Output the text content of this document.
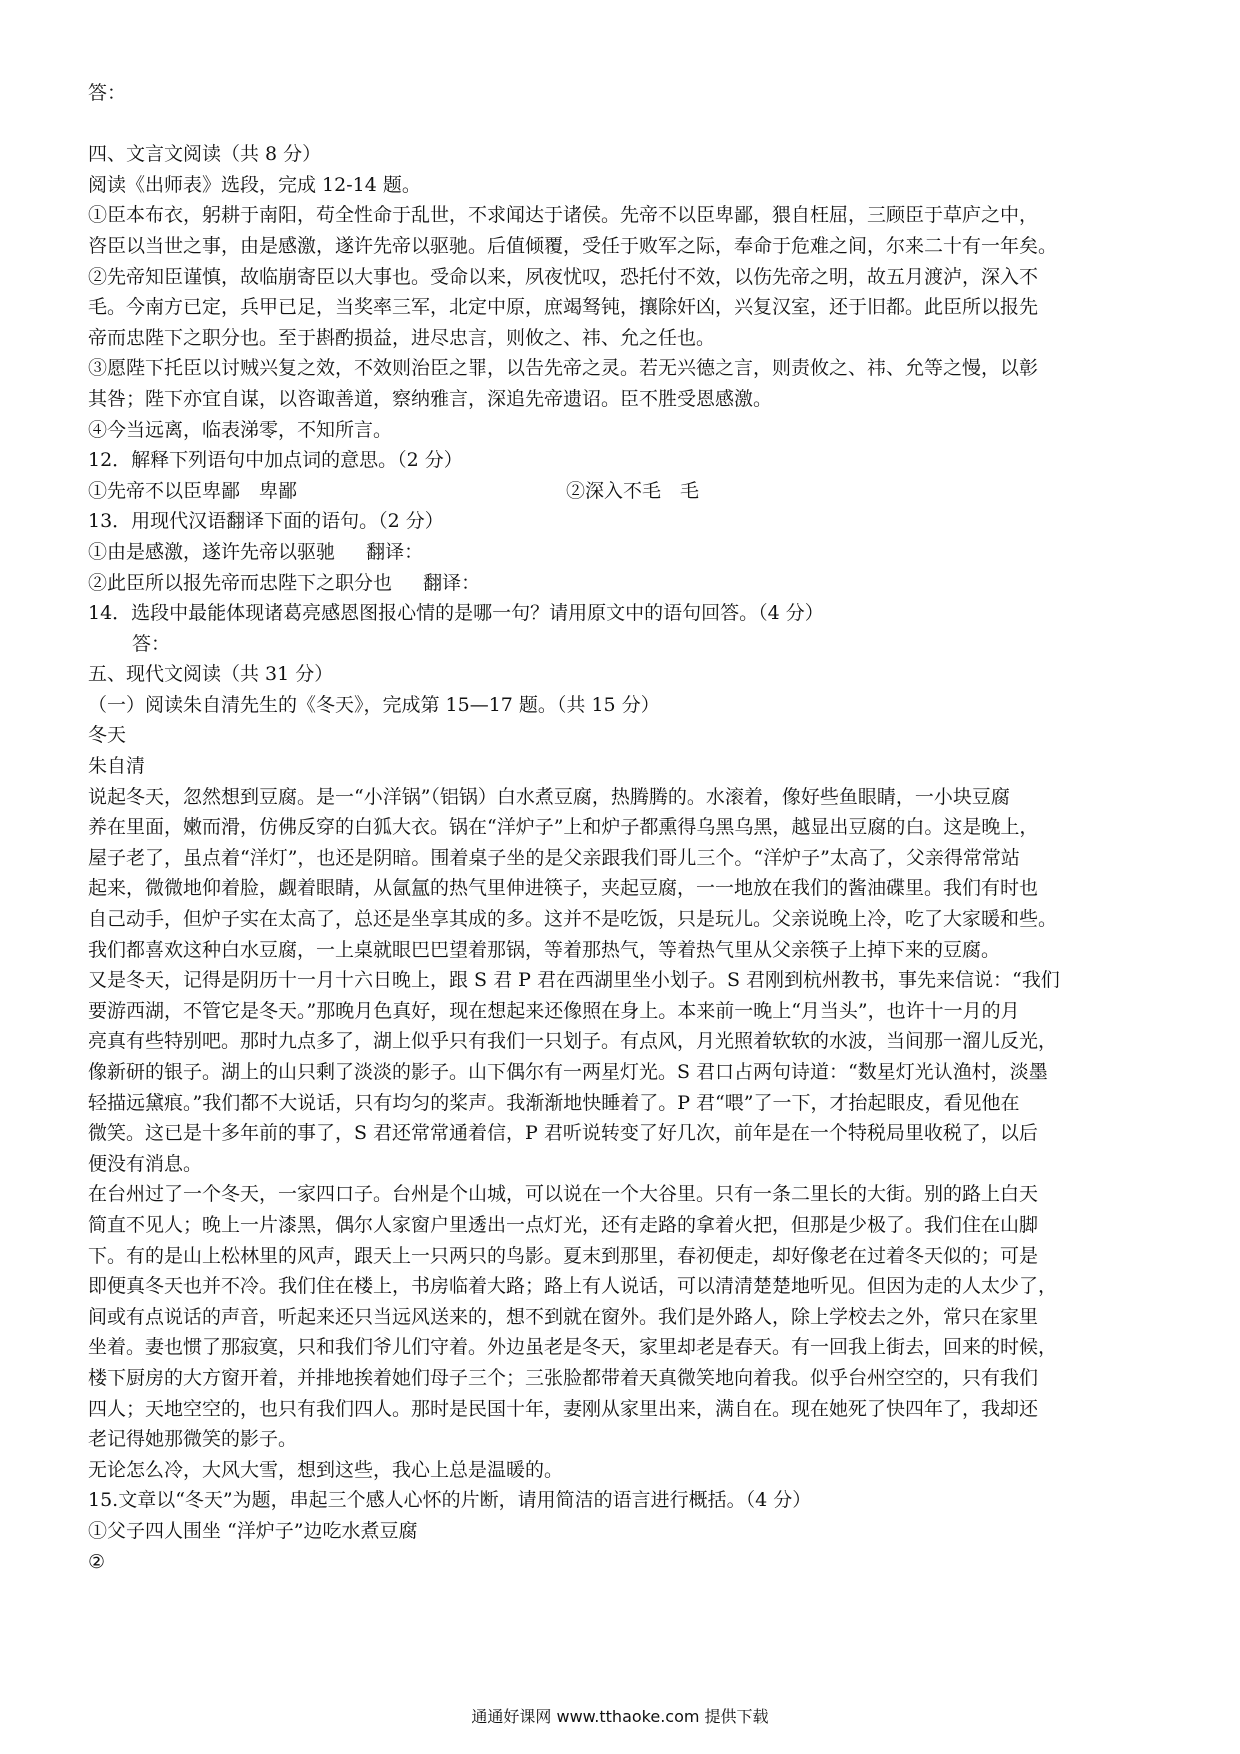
答：
四、文言文阅读（共 8 分）
阅读《出师表》选段，完成 12-14 题。
①臣本布衣，躬耕于南阳，苟全性命于乱世，不求闻达于诸侯。先帝不以臣卑鄙，猥自枉屈，三顾臣于草庐之中，
咨臣以当世之事，由是感激，遂许先帝以驱驰。后值倾覆，受任于败军之际，奉命于危难之间，尔来二十有一年矣。
②先帝知臣谨慎，故临崩寄臣以大事也。受命以来，夙夜忧叹，恐托付不效，以伤先帝之明，故五月渡泸，深入不
毛。今南方已定，兵甲已足，当奖率三军，北定中原，庶竭驽钝，攘除奸凶，兴复汉室，还于旧都。此臣所以报先
帝而忠陛下之职分也。至于斟酌损益，进尽忠言，则攸之、祎、允之任也。
③愿陛下托臣以讨贼兴复之效，不效则治臣之罪，以告先帝之灵。若无兴德之言，则责攸之、祎、允等之慢，以彰
其咎；陛下亦宜自谋，以咨诹善道，察纳雅言，深追先帝遗诏。臣不胜受恩感激。
④今当远离，临表涕零，不知所言。
12．解释下列语句中加点词的意思。（2 分）
①先帝不以臣卑鄙　卑鄙	②深入不毛　毛
13．用现代汉语翻译下面的语句。（2 分）
①由是感激，遂许先帝以驱驰　  翻译：
②此臣所以报先帝而忠陛下之职分也　  翻译：
14．选段中最能体现诸葛亮感恩图报心情的是哪一句？请用原文中的语句回答。（4 分）
答：
五、现代文阅读（共 31 分）
（一）阅读朱自清先生的《冬天》，完成第 15—17 题。（共 15 分）
冬天
朱自清
说起冬天，忽然想到豆腐。是一“小洋锅”（铝锅）白水煮豆腐，热腾腾的。水滚着，像好些鱼眼睛，一小块豆腐
养在里面，嫩而滑，仿佛反穿的白狐大衣。锅在“洋炉子”上和炉子都熏得乌黑乌黑，越显出豆腐的白。这是晚上，
屋子老了，虽点着“洋灯”，也还是阴暗。围着桌子坐的是父亲跟我们哥儿三个。“洋炉子”太高了，父亲得常常站
起来，微微地仰着脸，觑着眼睛，从氤氲的热气里伸进筷子，夹起豆腐，一一地放在我们的酱油碟里。我们有时也
自己动手，但炉子实在太高了，总还是坐享其成的多。这并不是吃饭，只是玩儿。父亲说晚上冷，吃了大家暖和些。
我们都喜欢这种白水豆腐，一上桌就眼巴巴望着那锅，等着那热气，等着热气里从父亲筷子上掉下来的豆腐。
又是冬天，记得是阴历十一月十六日晚上，跟 S 君 P 君在西湖里坐小划子。S 君刚到杭州教书，事先来信说：“我们
要游西湖，不管它是冬天。”那晚月色真好，现在想起来还像照在身上。本来前一晚上“月当头”，也许十一月的月
亮真有些特别吧。那时九点多了，湖上似乎只有我们一只划子。有点风，月光照着软软的水波，当间那一溜儿反光，
像新研的银子。湖上的山只剩了淡淡的影子。山下偶尔有一两星灯光。S 君口占两句诗道：“数星灯光认渔村，淡墨
轻描远黛痕。”我们都不大说话，只有均匀的桨声。我渐渐地快睡着了。P 君“喂”了一下，才抬起眼皮，看见他在
微笑。这已是十多年前的事了，S 君还常常通着信，P 君听说转变了好几次，前年是在一个特税局里收税了，以后
便没有消息。
在台州过了一个冬天，一家四口子。台州是个山城，可以说在一个大谷里。只有一条二里长的大街。别的路上白天
简直不见人；晚上一片漆黑，偶尔人家窗户里透出一点灯光，还有走路的拿着火把，但那是少极了。我们住在山脚
下。有的是山上松林里的风声，跟天上一只两只的鸟影。夏末到那里，春初便走，却好像老在过着冬天似的；可是
即便真冬天也并不冷。我们住在楼上，书房临着大路；路上有人说话，可以清清楚楚地听见。但因为走的人太少了，
间或有点说话的声音，听起来还只当远风送来的，想不到就在窗外。我们是外路人，除上学校去之外，常只在家里
坐着。妻也惯了那寂寞，只和我们爷儿们守着。外边虽老是冬天，家里却老是春天。有一回我上街去，回来的时候，
楼下厨房的大方窗开着，并排地挨着她们母子三个；三张脸都带着天真微笑地向着我。似乎台州空空的，只有我们
四人；天地空空的，也只有我们四人。那时是民国十年，妻刚从家里出来，满自在。现在她死了快四年了，我却还
老记得她那微笑的影子。
无论怎么冷，大风大雪，想到这些，我心上总是温暖的。
15.文章以“冬天”为题，串起三个感人心怀的片断，请用简洁的语言进行概括。（4 分）
①父子四人围坐 “洋炉子”边吃水煮豆腐
②
通通好课网 www.tthaoke.com 提供下载
